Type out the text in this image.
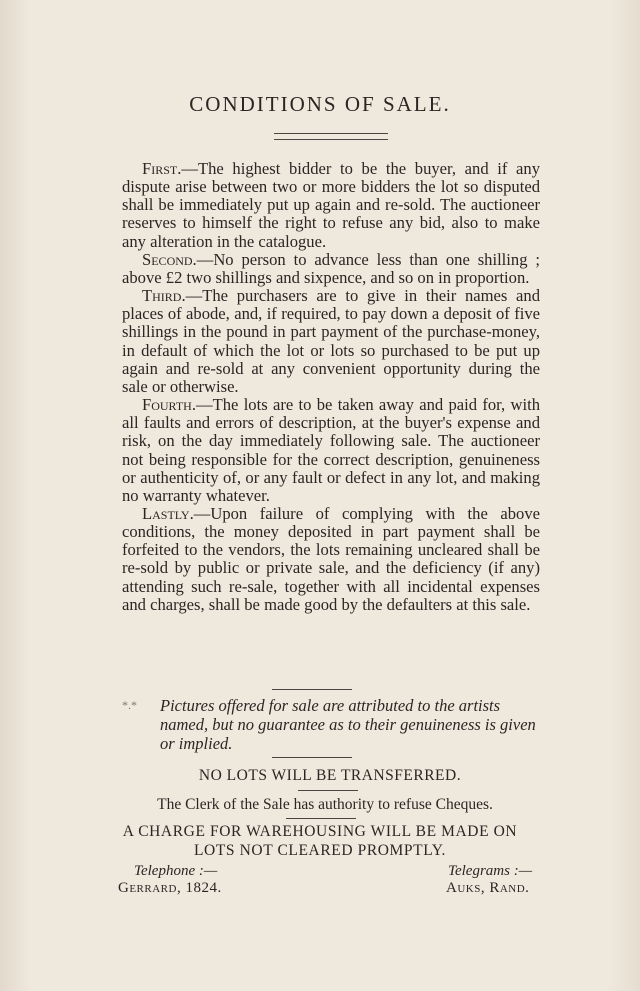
CONDITIONS OF SALE.

First.—The highest bidder to be the buyer, and if any dispute arise between two or more bidders the lot so disputed shall be immediately put up again and re-sold. The auctioneer reserves to himself the right to refuse any bid, also to make any alteration in the catalogue.

Second.—No person to advance less than one shilling ; above £2 two shillings and sixpence, and so on in proportion.

Third.—The purchasers are to give in their names and places of abode, and, if required, to pay down a deposit of five shillings in the pound in part payment of the purchase-money, in default of which the lot or lots so purchased to be put up again and re-sold at any convenient opportunity during the sale or otherwise.

Fourth.—The lots are to be taken away and paid for, with all faults and errors of description, at the buyer's expense and risk, on the day immediately following sale. The auctioneer not being responsible for the correct description, genuineness or authenticity of, or any fault or defect in any lot, and making no warranty whatever.

Lastly.—Upon failure of complying with the above conditions, the money deposited in part payment shall be forfeited to the vendors, the lots remaining uncleared shall be re-sold by public or private sale, and the deficiency (if any) attending such re-sale, together with all incidental expenses and charges, shall be made good by the defaulters at this sale.

*.*	Pictures offered for sale are attributed to the artists named, but no guarantee as to their genuineness is given or implied.
NO LOTS WILL BE TRANSFERRED.
The Clerk of the Sale has authority to refuse Cheques.
A CHARGE FOR WAREHOUSING WILL BE MADE ON
LOTS NOT CLEARED PROMPTLY.
Telephone :—
Gerrard, 1824.
Telegrams :—
Auks, Rand.
